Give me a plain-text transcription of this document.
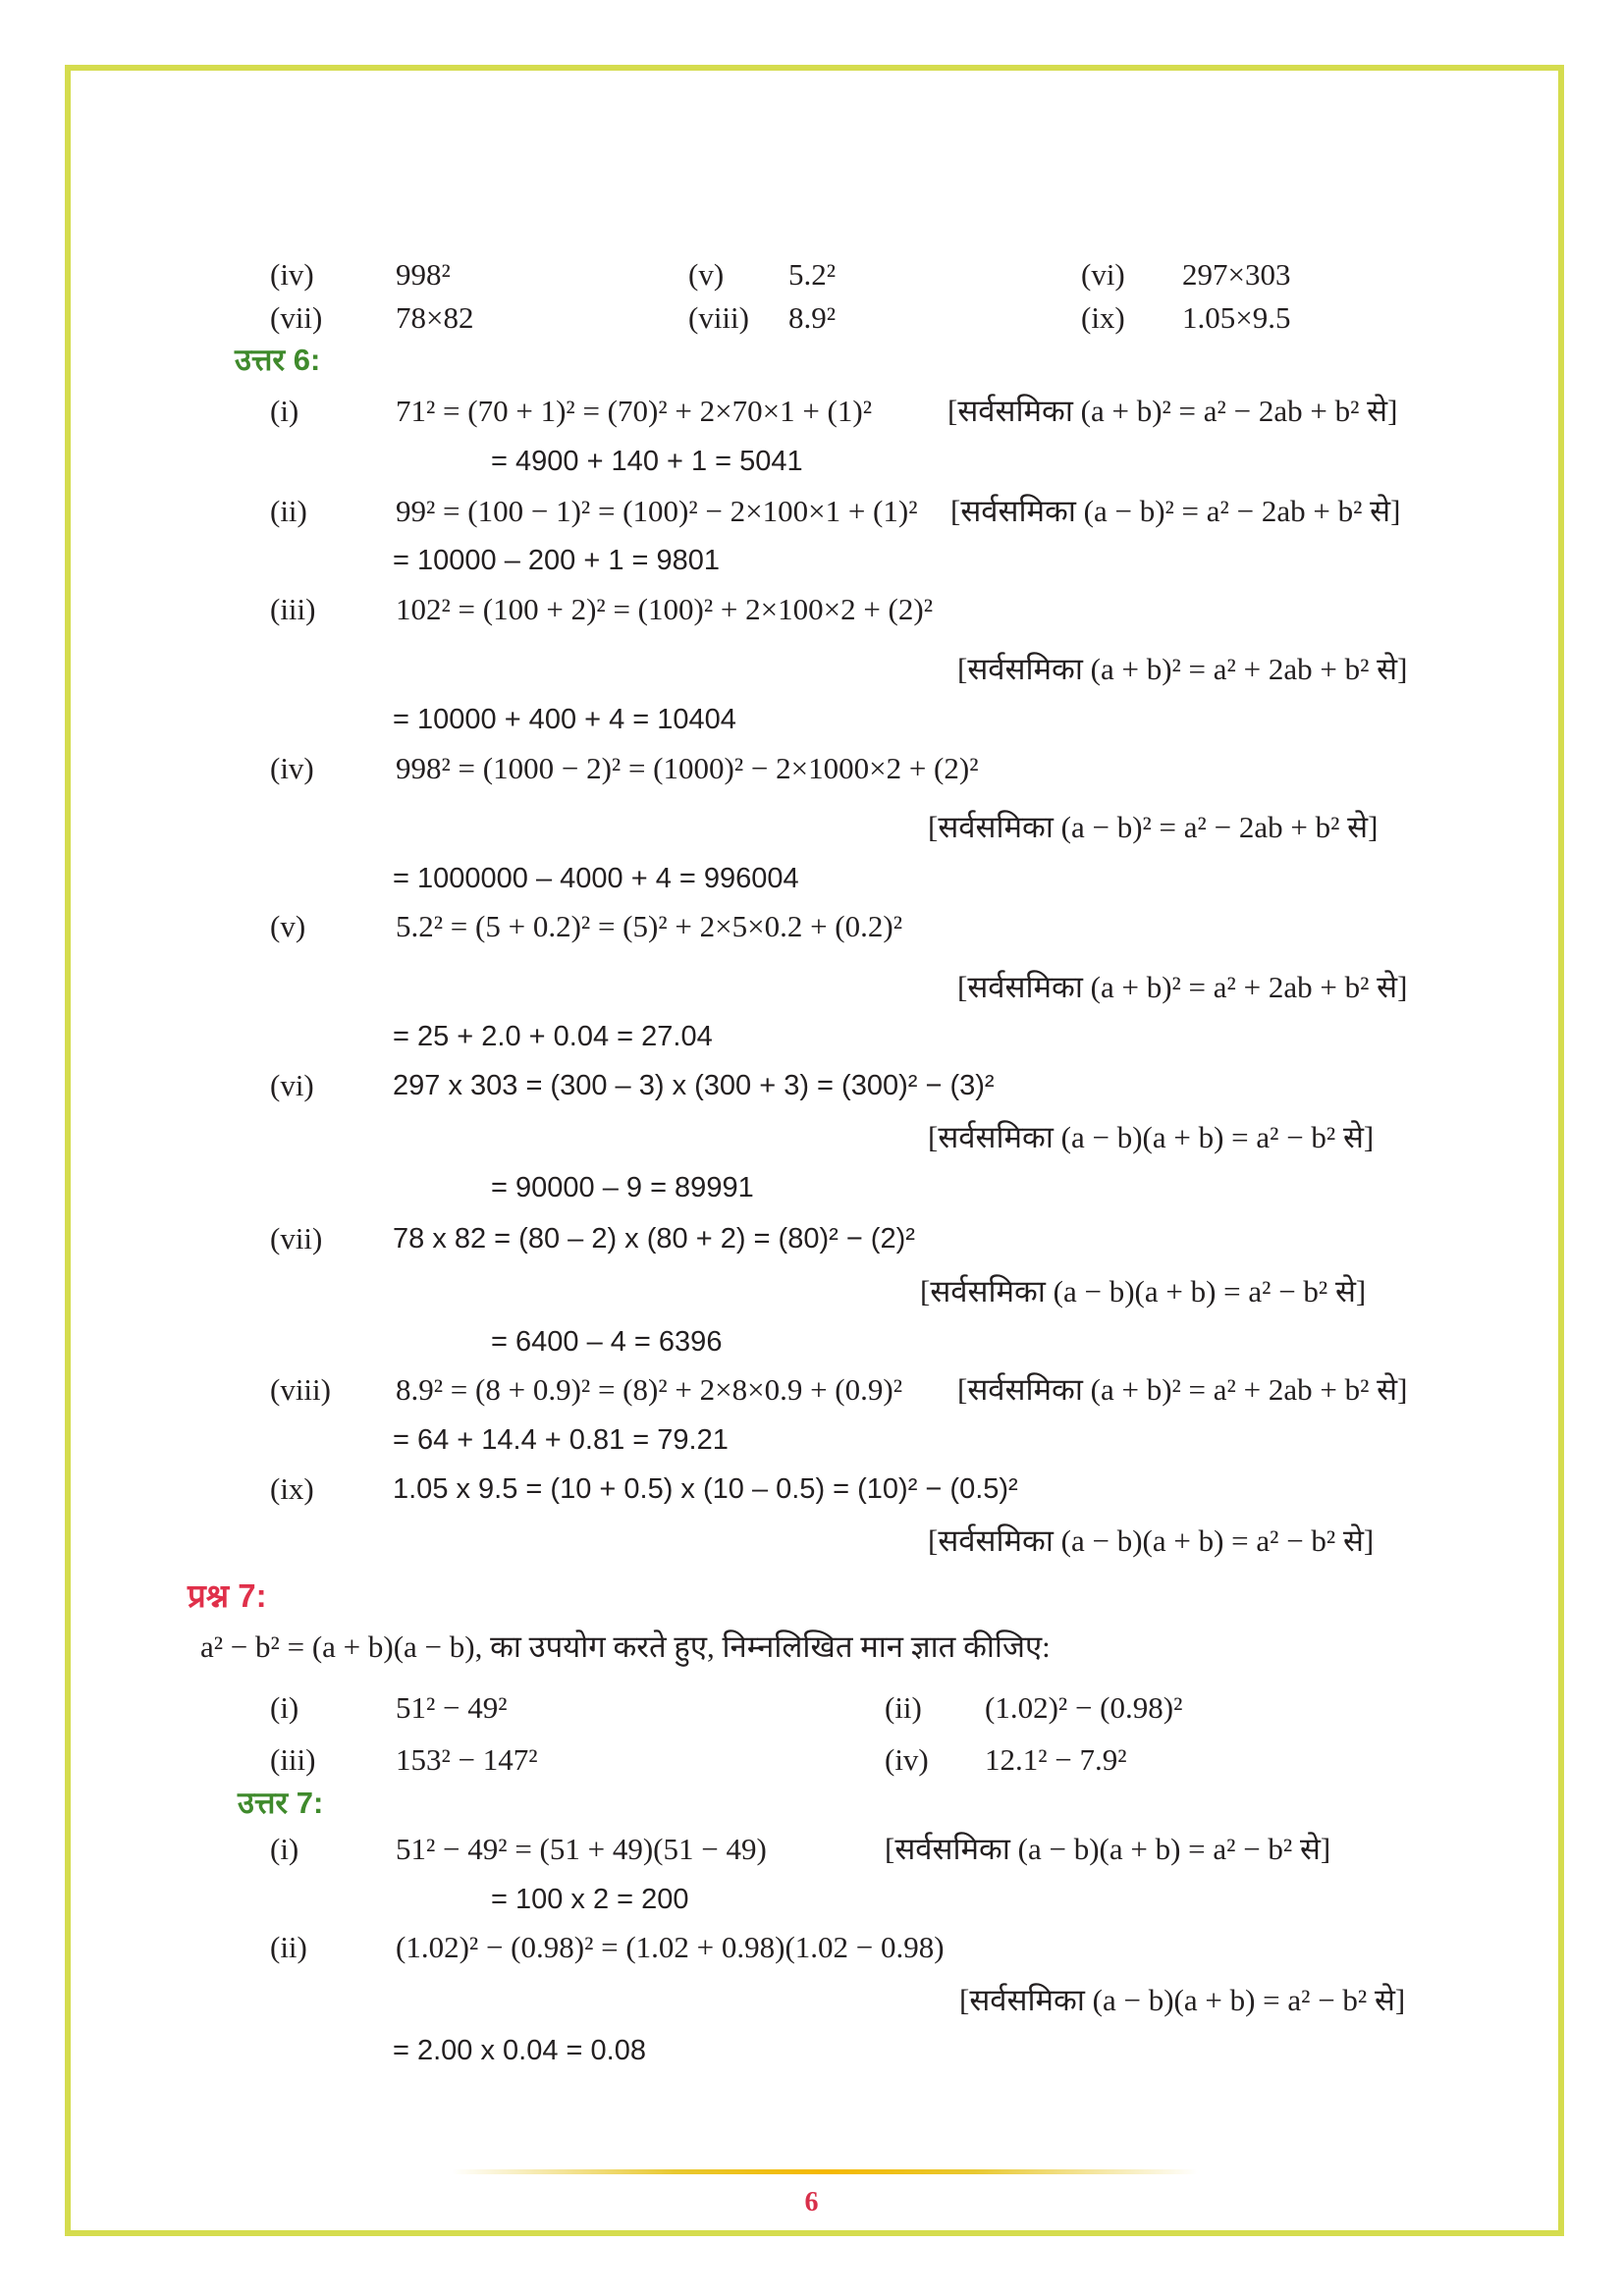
(iv)	998²	(v) 5.2²	(vi) 297×303
(vii) 78×82	(viii) 8.9²	(ix) 1.05×9.5
उत्तर 6:
(i)	71² = (70 + 1)² = (70)² + 2×70×1 + (1)² [सर्वसमिका (a + b)² = a² − 2ab + b² से]
= 4900 + 140 + 1 = 5041
(ii)	99² = (100 − 1)² = (100)² − 2×100×1 + (1)² [सर्वसमिका (a − b)² = a² − 2ab + b² से]
= 10000 – 200 + 1 = 9801
(iii)	102² = (100 + 2)² = (100)² + 2×100×2 + (2)²
[सर्वसमिका (a + b)² = a² + 2ab + b² से]
= 10000 + 400 + 4 = 10404
(iv)	998² = (1000 − 2)² = (1000)² − 2×1000×2 + (2)²
[सर्वसमिका (a − b)² = a² − 2ab + b² से]
= 1000000 – 4000 + 4 = 996004
(v)	5.2² = (5 + 0.2)² = (5)² + 2×5×0.2 + (0.2)²
[सर्वसमिका (a + b)² = a² + 2ab + b² से]
= 25 + 2.0 + 0.04 = 27.04
(vi)	297 x 303 = (300 – 3) x (300 + 3) = (300)² − (3)²
[सर्वसमिका (a − b)(a + b) = a² − b² से]
= 90000 – 9 = 89991
(vii) 78 x 82 = (80 – 2) x (80 + 2) = (80)² − (2)²
[सर्वसमिका (a − b)(a + b) = a² − b² से]
= 6400 – 4 = 6396
(viii) 8.9² = (8 + 0.9)² = (8)² + 2×8×0.9 + (0.9)² [सर्वसमिका (a + b)² = a² + 2ab + b² से]
= 64 + 14.4 + 0.81 = 79.21
(ix)	1.05 x 9.5 = (10 + 0.5) x (10 – 0.5) = (10)² − (0.5)²
[सर्वसमिका (a − b)(a + b) = a² − b² से]
प्रश्न 7:
a² − b² = (a + b)(a − b), का उपयोग करते हुए, निम्नलिखित मान ज्ञात कीजिए:
(i)	51² − 49²	(ii) (1.02)² − (0.98)²
(iii)	153² − 147²	(iv) 12.1² − 7.9²
उत्तर 7:
(i)	51² − 49² = (51 + 49)(51 − 49)	[सर्वसमिका (a − b)(a + b) = a² − b² से]
= 100 x 2 = 200
(ii)	(1.02)² − (0.98)² = (1.02 + 0.98)(1.02 − 0.98)
[सर्वसमिका (a − b)(a + b) = a² − b² से]
= 2.00 x 0.04 = 0.08
6
